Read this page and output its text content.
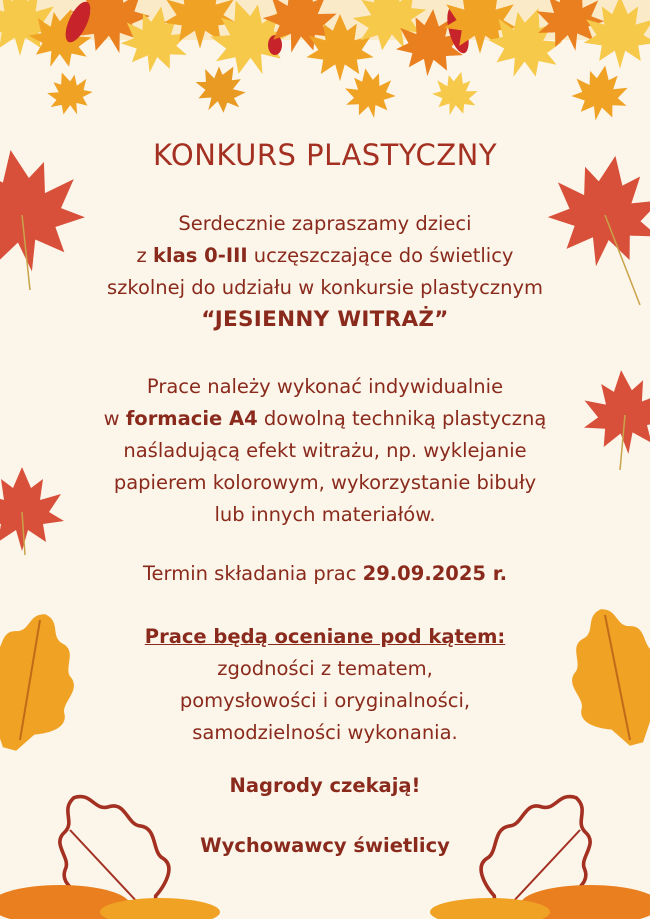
KONKURS PLASTYCZNY
Serdecznie zapraszamy dzieci
z klas 0-III uczęszczające do świetlicy
szkolnej do udziału w konkursie plastycznym
“JESIENNY WITRAŻ”
Prace należy wykonać indywidualnie
w formacie A4 dowolną techniką plastyczną
naśladującą efekt witrażu, np. wyklejanie
papierem kolorowym, wykorzystanie bibuły
lub innych materiałów.
Termin składania prac 29.09.2025 r.
Prace będą oceniane pod kątem:
zgodności z tematem,
pomysłowości i oryginalności,
samodzielności wykonania.
Nagrody czekają!
Wychowawcy świetlicy
